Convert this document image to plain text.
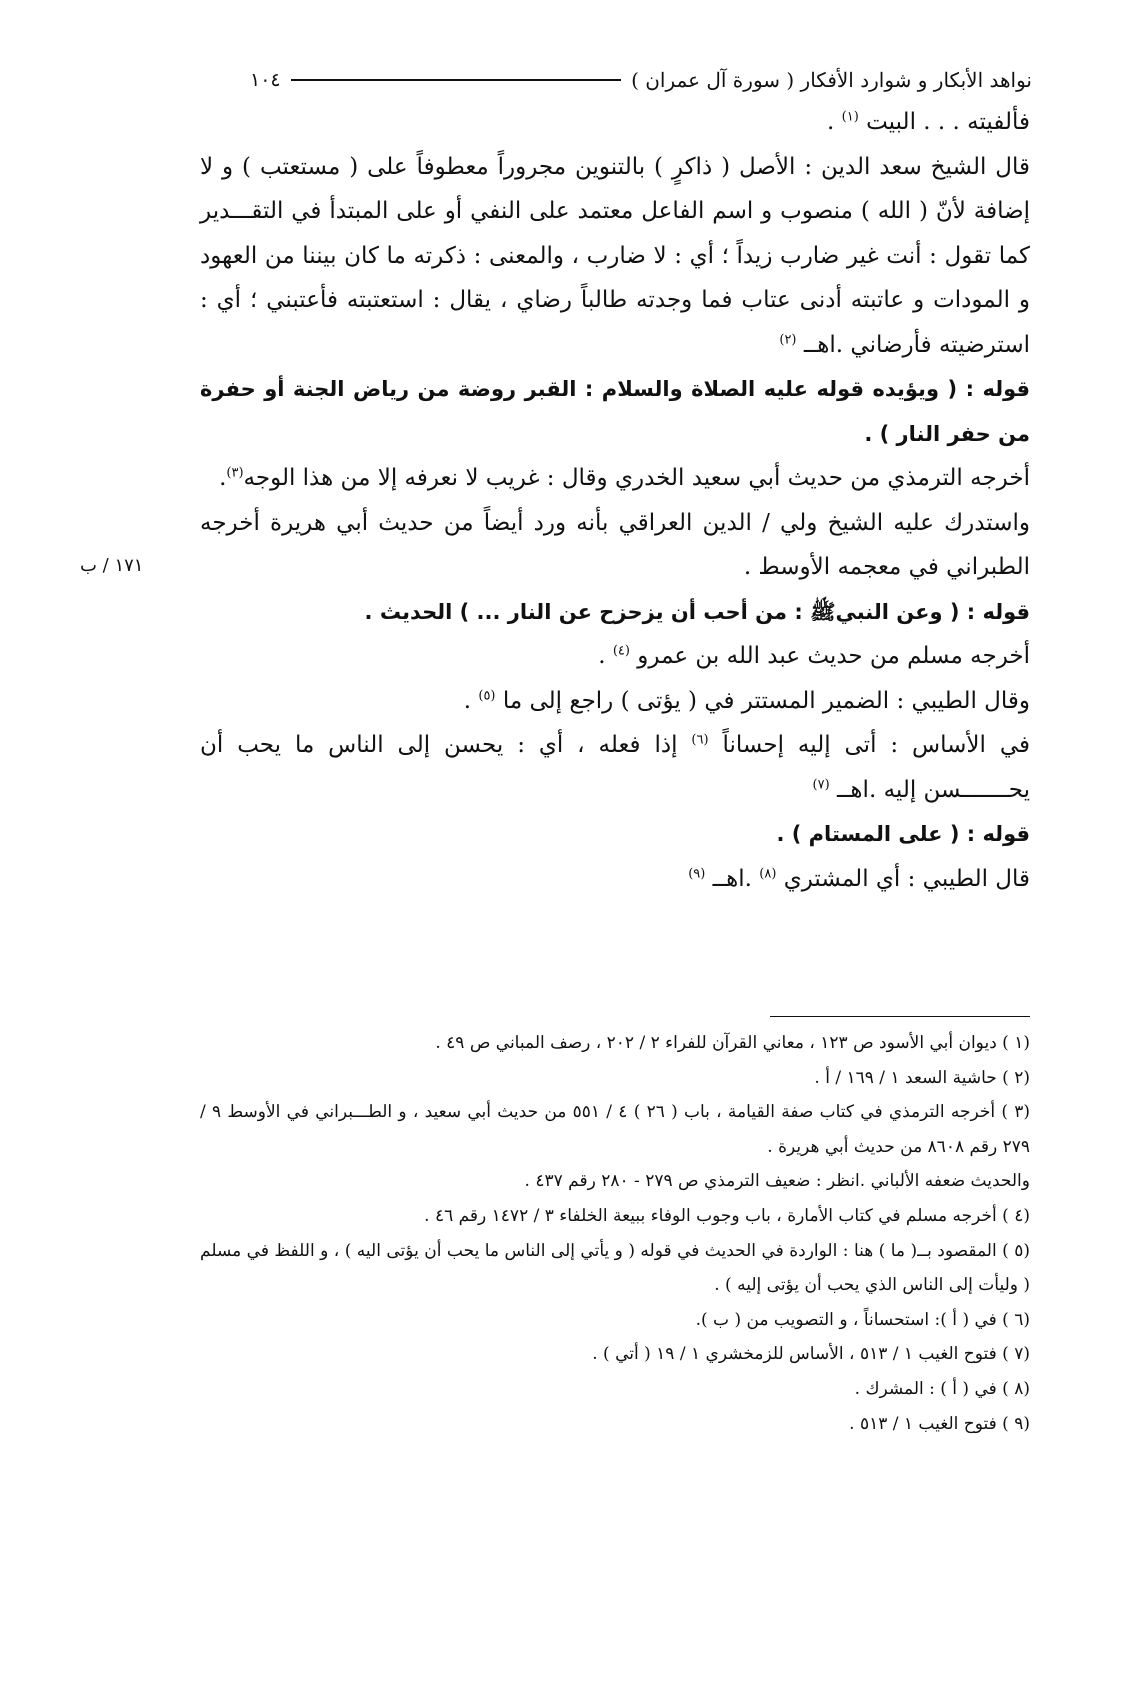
نواهد الأبكار و شوارد الأفكار ( سورة آل عمران )
١٠٤

فألفيته . . . البيت $^{(١)}$ .

قال الشيخ سعد الدين : الأصل ( ذاكرٍ ) بالتنوين مجروراً معطوفاً على ( مستعتب ) و لا إضافة لأنّ ( الله ) منصوب و اسم الفاعل معتمد على النفي أو على المبتدأ في التقـــدير كما تقول : أنت غير ضارب زيداً ؛ أي : لا ضارب ، والمعنى : ذكرته ما كان بيننا من العهود و المودات و عاتبته أدنى عتاب فما وجدته طالباً رضاي ، يقال : استعتبته فأعتبني ؛ أي : استرضيته فأرضاني .اهــ $^{(٢)}$

قوله : ( ويؤيده قوله عليه الصلاة والسلام : القبر روضة من رياض الجنة أو حفرة من حفر النار ) .

أخرجه الترمذي من حديث أبي سعيد الخدري وقال : غريب لا نعرفه إلا من هذا الوجه$^{(٣)}$.

واستدرك عليه الشيخ ولي / الدين العراقي بأنه ورد أيضاً من حديث أبي هريرة أخرجه الطبراني في معجمه الأوسط .

قوله : ( وعن النبيﷺ : من أحب أن يزحزح عن النار ... ) الحديث .

أخرجه مسلم من حديث عبد الله بن عمرو $^{(٤)}$ .

وقال الطيبي : الضمير المستتر في ( يؤتى ) راجع إلى ما $^{(٥)}$ .

في الأساس : أتى إليه إحساناً $^{(٦)}$ إذا فعله ، أي : يحسن إلى الناس ما يحب أن يحـــــــسن إليه .اهــ $^{(٧)}$

قوله : ( على المستام ) .

قال الطيبي : أي المشتري $^{(٨)}$ .اهــ $^{(٩)}$

١٧١ / ب

(١ ) ديوان أبي الأسود ص ١٢٣ ، معاني القرآن للفراء ٢ / ٢٠٢ ، رصف المباني ص ٤٩ .

(٢ ) حاشية السعد ١ / ١٦٩ / أ .

(٣ ) أخرجه الترمذي في كتاب صفة القيامة ، باب ( ٢٦ ) ٤ / ٥٥١ من حديث أبي سعيد ، و الطـــبراني في الأوسط ٩ / ٢٧٩ رقم ٨٦٠٨ من حديث أبي هريرة .

والحديث ضعفه الألباني .انظر : ضعيف الترمذي ص ٢٧٩ - ٢٨٠ رقم ٤٣٧ .

(٤ ) أخرجه مسلم في كتاب الأمارة ، باب وجوب الوفاء ببيعة الخلفاء ٣ / ١٤٧٢ رقم ٤٦ .

(٥ ) المقصود بــ( ما ) هنا : الواردة في الحديث في قوله ( و يأتي إلى الناس ما يحب أن يؤتى اليه ) ، و اللفظ في مسلم ( وليأت إلى الناس الذي يحب أن يؤتى إليه ) .

(٦ ) في ( أ ): استحساناً ، و التصويب من ( ب ).

(٧ ) فتوح الغيب ١ / ٥١٣ ، الأساس للزمخشري ١ / ١٩ ( أتي ) .

(٨ ) في ( أ ) : المشرك .

(٩ ) فتوح الغيب ١ / ٥١٣ .
